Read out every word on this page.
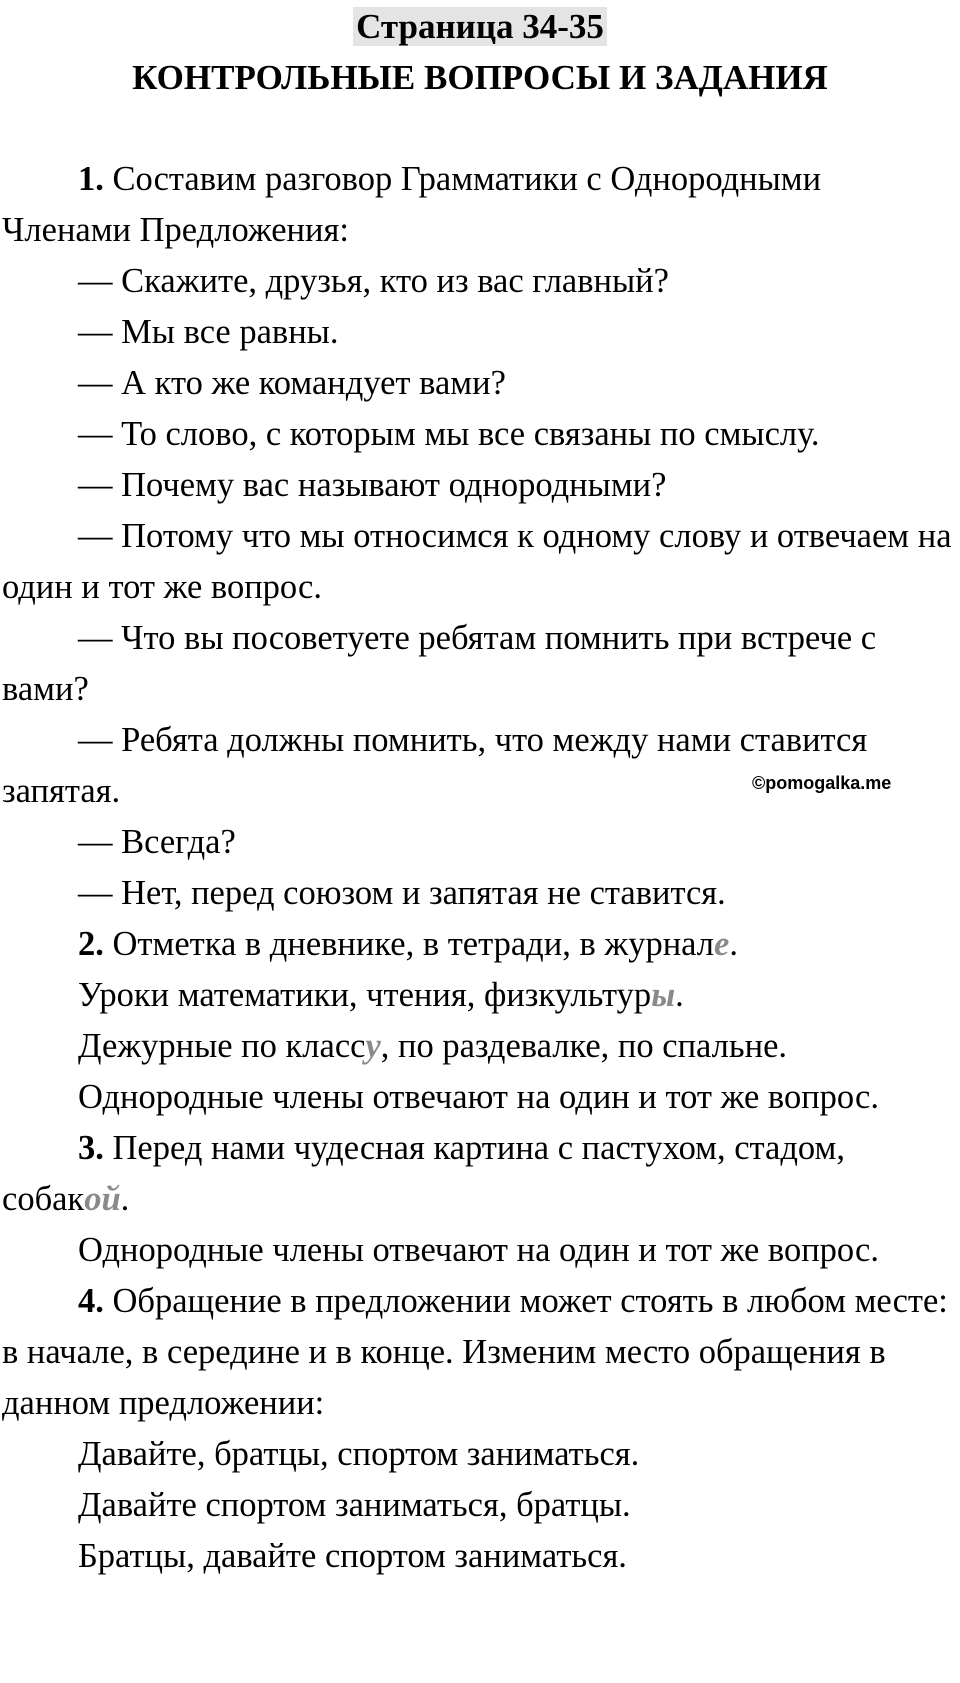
Страница 34-35
КОНТРОЛЬНЫЕ ВОПРОСЫ И ЗАДАНИЯ

1. Составим разговор Грамматики с Однородными Членами Предложения:

— Скажите, друзья, кто из вас главный?

— Мы все равны.

— А кто же командует вами?

— То слово, с которым мы все связаны по смыслу.

— Почему вас называют однородными?

— Потому что мы относимся к одному слову и отвечаем на один и тот же вопрос.

— Что вы посоветуете ребятам помнить при встрече с вами?

— Ребята должны помнить, что между нами ставится запятая.

— Всегда?

— Нет, перед союзом и запятая не ставится.

2. Отметка в дневнике, в тетради, в журнале.

Уроки математики, чтения, физкультуры.

Дежурные по классу, по раздевалке, по спальне.

Однородные члены отвечают на один и тот же вопрос.

3. Перед нами чудесная картина с пастухом, стадом, собакой.

Однородные члены отвечают на один и тот же вопрос.

4. Обращение в предложении может стоять в любом месте: в начале, в середине и в конце. Изменим место обращения в данном предложении:

Давайте, братцы, спортом заниматься.

Давайте спортом заниматься, братцы.

Братцы, давайте спортом заниматься.

©pomogalka.me
